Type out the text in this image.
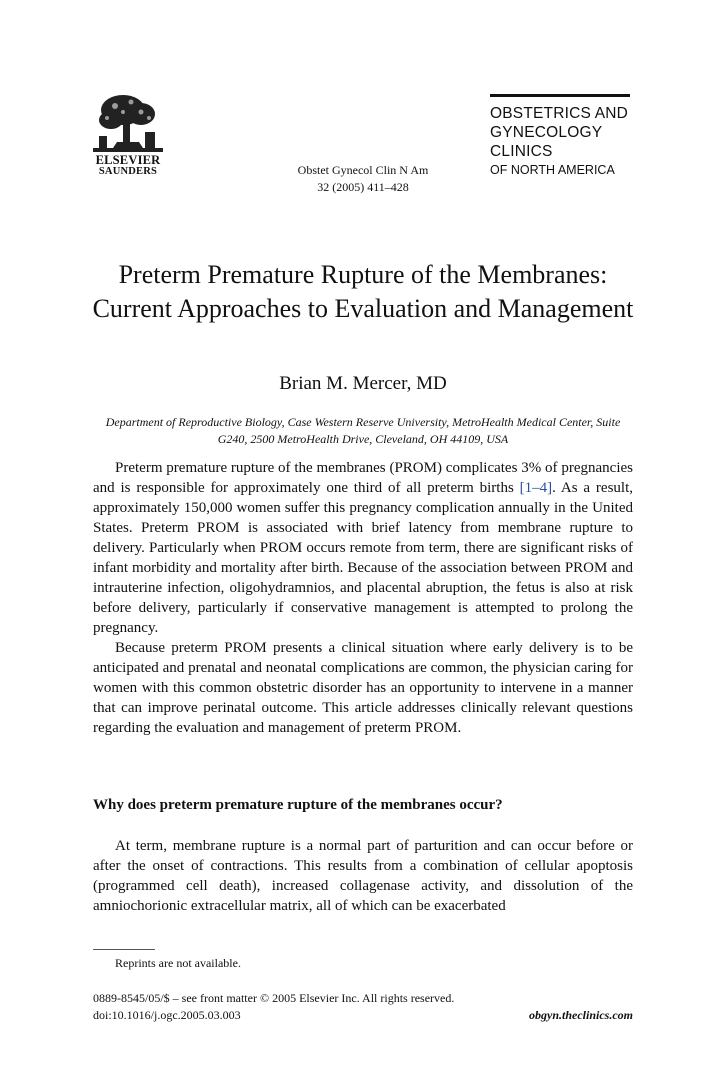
ELSEVIER
SAUNDERS	Obstet Gynecol Clin N Am
32 (2005) 411–428
OBSTETRICS AND
GYNECOLOGY
CLINICS
OF NORTH AMERICA
Preterm Premature Rupture of the Membranes: Current Approaches to Evaluation and Management
Brian M. Mercer, MD
Department of Reproductive Biology, Case Western Reserve University, MetroHealth Medical Center, Suite G240, 2500 MetroHealth Drive, Cleveland, OH 44109, USA

Preterm premature rupture of the membranes (PROM) complicates 3% of pregnancies and is responsible for approximately one third of all preterm births [1–4]. As a result, approximately 150,000 women suffer this pregnancy complication annually in the United States. Preterm PROM is associated with brief latency from membrane rupture to delivery. Particularly when PROM occurs remote from term, there are significant risks of infant morbidity and mortality after birth. Because of the association between PROM and intrauterine infection, oligohydramnios, and placental abruption, the fetus is also at risk before delivery, particularly if conservative management is attempted to prolong the pregnancy.

Because preterm PROM presents a clinical situation where early delivery is to be anticipated and prenatal and neonatal complications are common, the physician caring for women with this common obstetric disorder has an opportunity to intervene in a manner that can improve perinatal outcome. This article addresses clinically relevant questions regarding the evaluation and management of preterm PROM.

Why does preterm premature rupture of the membranes occur?

At term, membrane rupture is a normal part of parturition and can occur before or after the onset of contractions. This results from a combination of cellular apoptosis (programmed cell death), increased collagenase activity, and dissolution of the amniochorionic extracellular matrix, all of which can be exacerbated

Reprints are not available.
0889-8545/05/$ – see front matter © 2005 Elsevier Inc. All rights reserved.
doi:10.1016/j.ogc.2005.03.003	obgyn.theclinics.com
